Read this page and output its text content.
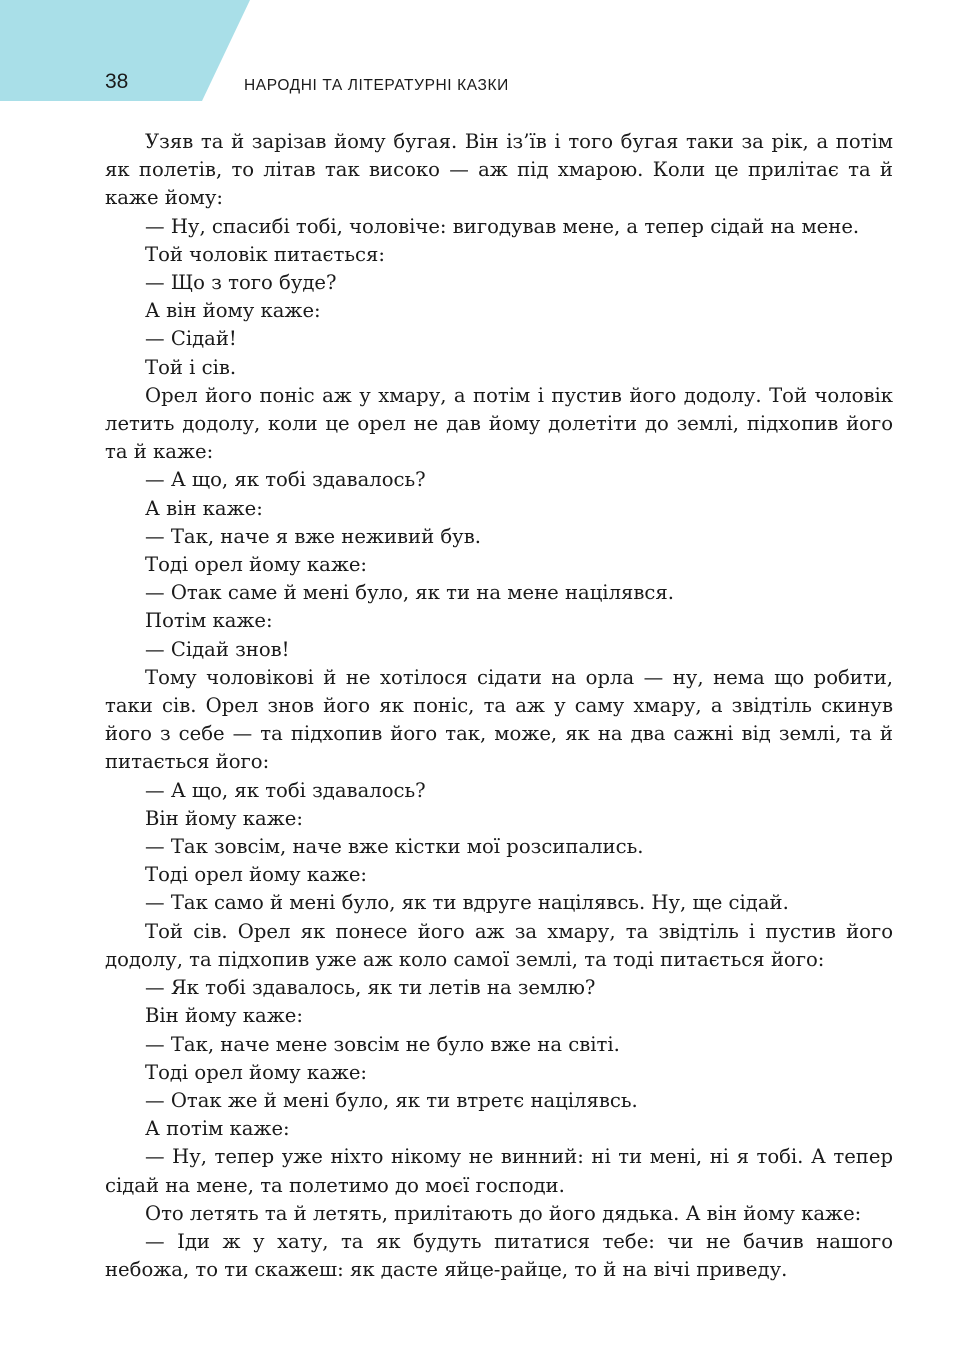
38	НАРОДНІ ТА ЛІТЕРАТУРНІ КАЗКИ

Узяв та й зарізав йому бугая. Він із’їв і того бугая таки за рік, а потім як полетів, то літав так високо — аж під хмарою. Коли це прилітає та й каже йому:

— Ну, спасибі тобі, чоловіче: вигодував мене, а тепер сідай на мене.

Той чоловік питається:

— Що з того буде?

А він йому каже:

— Сідай!

Той і сів.

Орел його поніс аж у хмару, а потім і пустив його додолу. Той чоловік летить додолу, коли це орел не дав йому долетіти до землі, підхопив його та й каже:

— А що, як тобі здавалось?

А він каже:

— Так, наче я вже неживий був.

Тоді орел йому каже:

— Отак саме й мені було, як ти на мене націлявся.

Потім каже:

— Сідай знов!

Тому чоловікові й не хотілося сідати на орла — ну, нема що робити, таки сів. Орел знов його як поніс, та аж у саму хмару, а звідтіль скинув його з себе — та підхопив його так, може, як на два сажні від землі, та й питається його:

— А що, як тобі здавалось?

Він йому каже:

— Так зовсім, наче вже кістки мої розсипались.

Тоді орел йому каже:

— Так само й мені було, як ти вдруге націлявсь. Ну, ще сідай.

Той сів. Орел як понесе його аж за хмару, та звідтіль і пустив його додолу, та підхопив уже аж коло самої землі, та тоді питається його:

— Як тобі здавалось, як ти летів на землю?

Він йому каже:

— Так, наче мене зовсім не було вже на світі.

Тоді орел йому каже:

— Отак же й мені було, як ти втретє націлявсь.

А потім каже:

— Ну, тепер уже ніхто нікому не винний: ні ти мені, ні я тобі. А тепер сідай на мене, та полетимо до моєї господи.

Ото летять та й летять, прилітають до його дядька. А він йому каже:

— Іди ж у хату, та як будуть питатися тебе: чи не бачив нашого небожа, то ти скажеш: як дасте яйце-райце, то й на вічі приведу.
